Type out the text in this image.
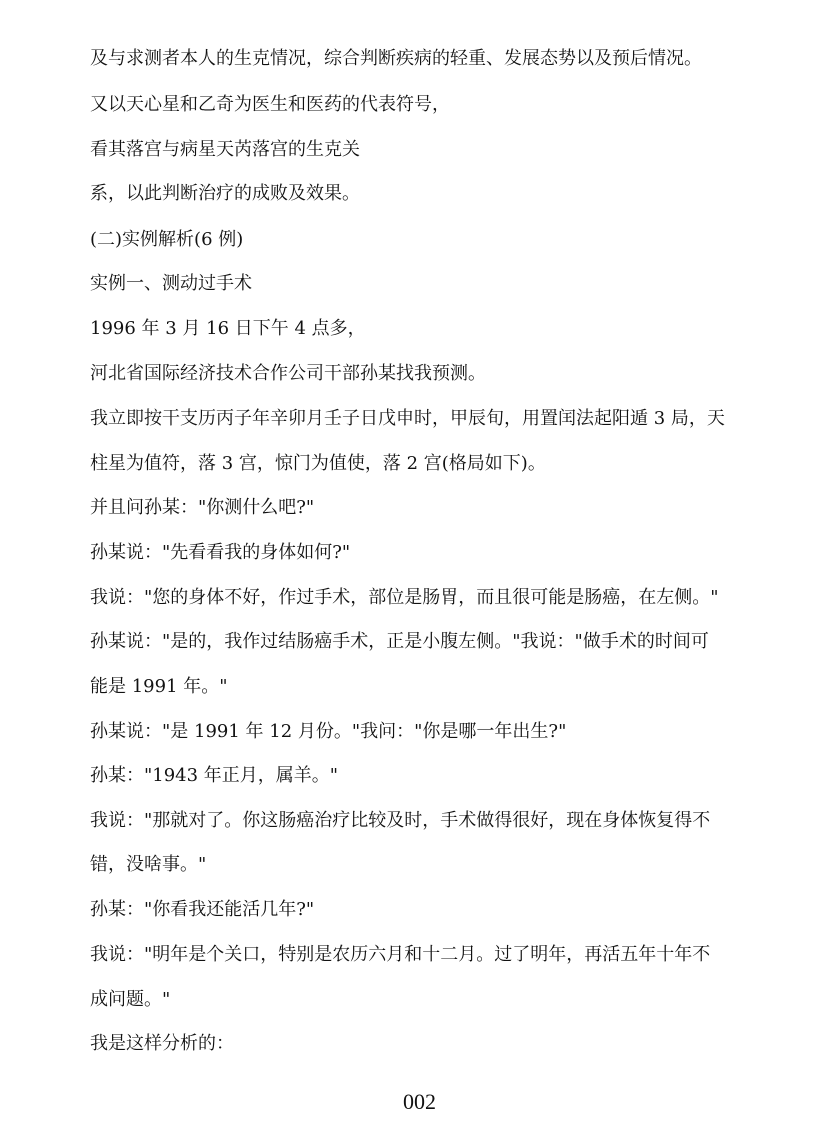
及与求测者本人的生克情况，综合判断疾病的轻重、发展态势以及预后情况。
又以天心星和乙奇为医生和医药的代表符号，
看其落宫与病星天芮落宫的生克关
系，以此判断治疗的成败及效果。
(二)实例解析(6 例)
实例一、测动过手术
1996 年 3 月 16 日下午 4 点多，
河北省国际经济技术合作公司干部孙某找我预测。
我立即按干支历丙子年辛卯月壬子日戊申时，甲辰旬，用置闰法起阳遁 3 局，天
柱星为值符，落 3 宫，惊门为值使，落 2 宫(格局如下)。
并且问孙某："你测什么吧?"
孙某说："先看看我的身体如何?"
我说："您的身体不好，作过手术，部位是肠胃，而且很可能是肠癌，在左侧。"
孙某说："是的，我作过结肠癌手术，正是小腹左侧。"我说："做手术的时间可
能是 1991 年。"
孙某说："是 1991 年 12 月份。"我问："你是哪一年出生?"
孙某："1943 年正月，属羊。"
我说："那就对了。你这肠癌治疗比较及时，手术做得很好，现在身体恢复得不
错，没啥事。"
孙某："你看我还能活几年?"
我说："明年是个关口，特别是农历六月和十二月。过了明年，再活五年十年不
成问题。"
我是这样分析的：
002
